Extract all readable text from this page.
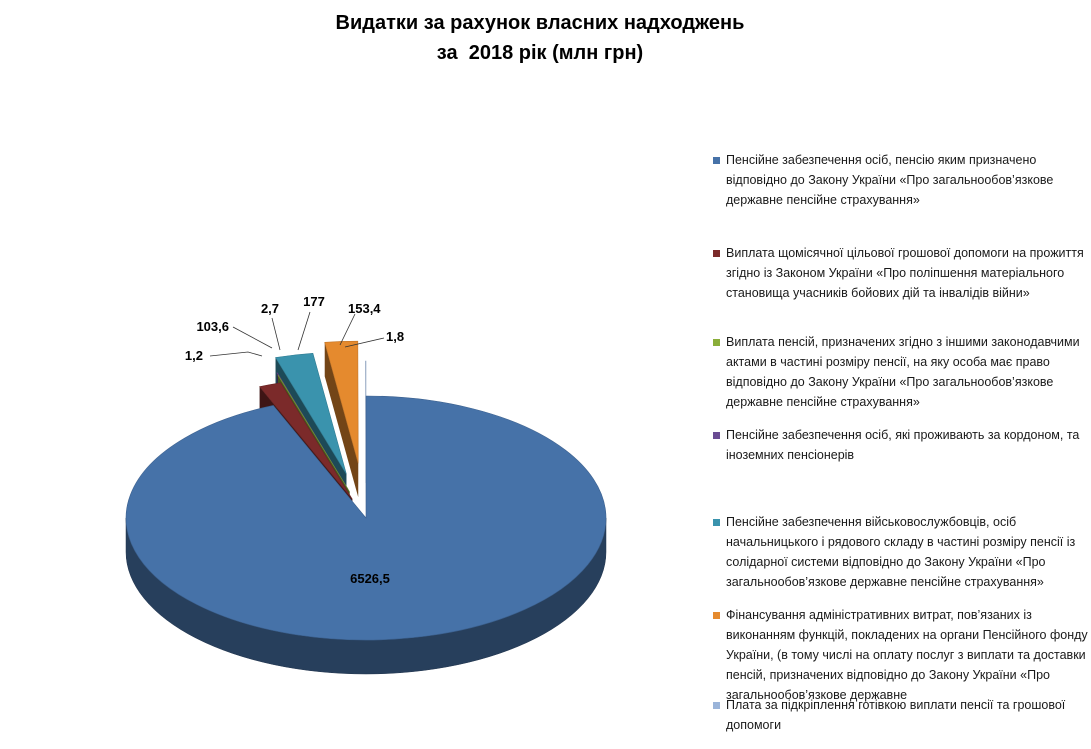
Видатки за рахунок власних надходжень
за  2018 рік (млн грн)
6526,5
103,6
1,2
2,7 177 153,4
1,8
Пенсійне забезпечення осіб, пенсію яким призначено відповідно до Закону України «Про загальнообов’язкове державне пенсійне страхування»
Виплата щомісячної цільової грошової допомоги на прожиття згідно із Законом України «Про поліпшення матеріального становища учасників бойових дій та інвалідів війни»
Виплата пенсій, призначених згідно з іншими законодавчими актами в частині розміру пенсії, на яку особа має право відповідно до Закону України «Про загальнообов’язкове державне пенсійне страхування»
Пенсійне забезпечення осіб, які проживають за кордоном, та іноземних пенсіонерів
Пенсійне забезпечення військовослужбовців, осіб начальницького і рядового складу в частині розміру пенсії із солідарної системи відповідно до Закону України «Про загальнообов’язкове державне пенсійне страхування»
Фінансування адміністративних витрат, пов’язаних із виконанням функцій, покладених на органи Пенсійного фонду України, (в тому числі на оплату послуг з виплати та доставки пенсій, призначених відповідно до Закону України «Про загальнообов’язкове державне
Плата за підкріплення готівкою виплати пенсії та грошової допомоги
